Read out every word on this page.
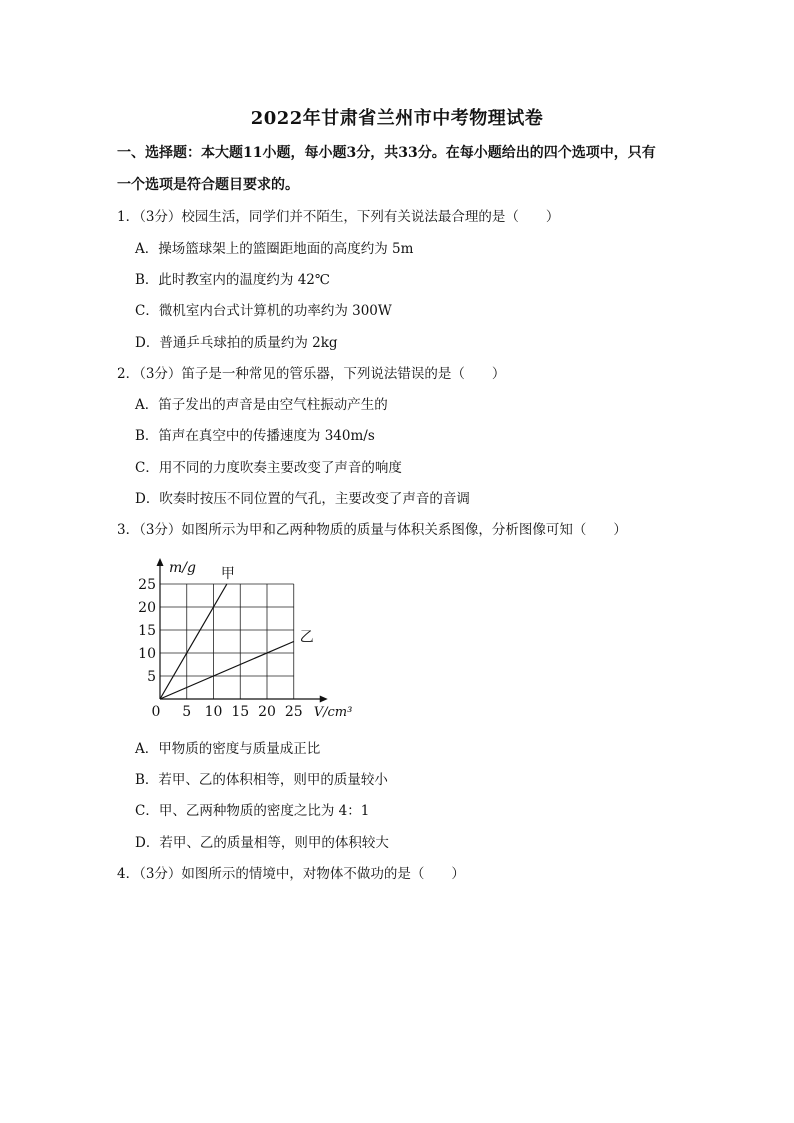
2022年甘肃省兰州市中考物理试卷
一、选择题：本大题11小题，每小题3分，共33分。在每小题给出的四个选项中，只有
一个选项是符合题目要求的。
1．（3分）校园生活，同学们并不陌生，下列有关说法最合理的是（　　）
A．操场篮球架上的篮圈距地面的高度约为 5m
B．此时教室内的温度约为 42℃
C．微机室内台式计算机的功率约为 300W
D．普通乒乓球拍的质量约为 2kg
2．（3分）笛子是一种常见的管乐器，下列说法错误的是（　　）
A．笛子发出的声音是由空气柱振动产生的
B．笛声在真空中的传播速度为 340m/s
C．用不同的力度吹奏主要改变了声音的响度
D．吹奏时按压不同位置的气孔，主要改变了声音的音调
3．（3分）如图所示为甲和乙两种物质的质量与体积关系图像，分析图像可知（　　）
0 5 10 15 20 25
5
10
15
20
25
m/g
V/cm³
甲
乙
A．甲物质的密度与质量成正比
B．若甲、乙的体积相等，则甲的质量较小
C．甲、乙两种物质的密度之比为 4：1
D．若甲、乙的质量相等，则甲的体积较大
4．（3分）如图所示的情境中，对物体不做功的是（　　）
